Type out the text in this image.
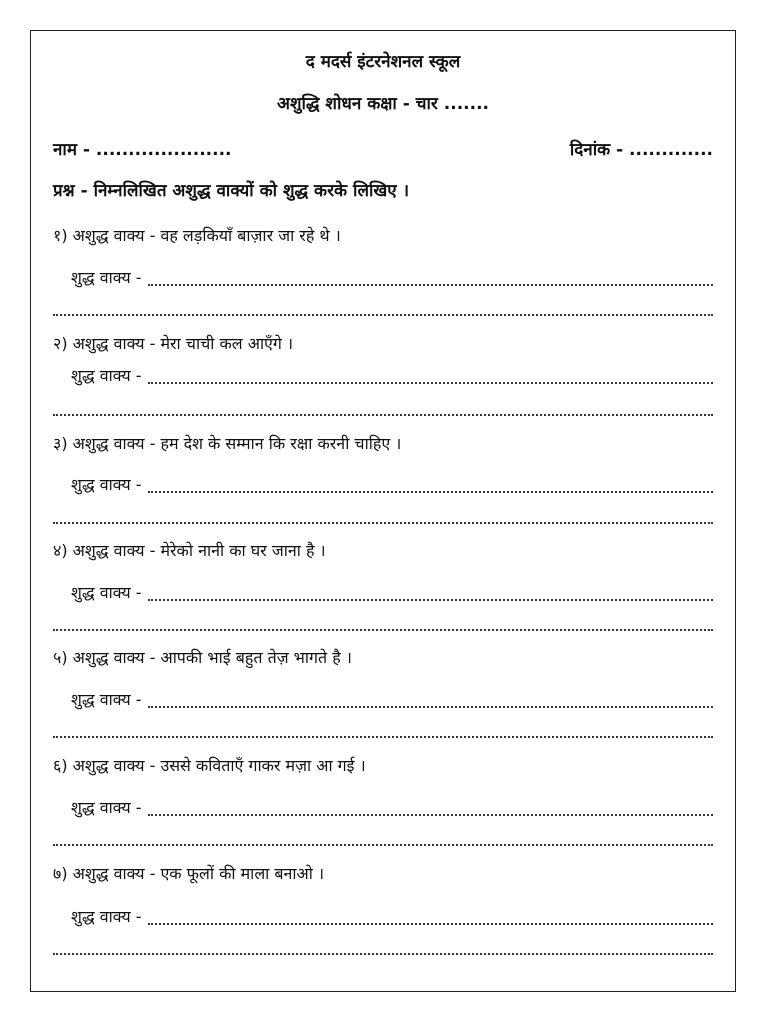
द मदर्स इंटरनेशनल स्कूल
अशुद्धि शोधन कक्षा - चार .......
नाम - .....................	दिनांक - .............
प्रश्न - निम्नलिखित अशुद्ध वाक्यों को शुद्ध करके लिखिए ।
१) अशुद्ध वाक्य - वह लड़कियाँ बाज़ार जा रहे थे ।
शुद्ध वाक्य -
२) अशुद्ध वाक्य - मेरा चाची कल आएँगे ।
शुद्ध वाक्य -
३) अशुद्ध वाक्य - हम देश के सम्मान कि रक्षा करनी चाहिए ।
शुद्ध वाक्य -
४) अशुद्ध वाक्य - मेरेको नानी का घर जाना है ।
शुद्ध वाक्य -
५) अशुद्ध वाक्य - आपकी भाई बहुत तेज़ भागते है ।
शुद्ध वाक्य -
६) अशुद्ध वाक्य - उससे कविताएँ गाकर मज़ा आ गई ।
शुद्ध वाक्य -
७) अशुद्ध वाक्य - एक फूलों की माला बनाओ ।
शुद्ध वाक्य -
